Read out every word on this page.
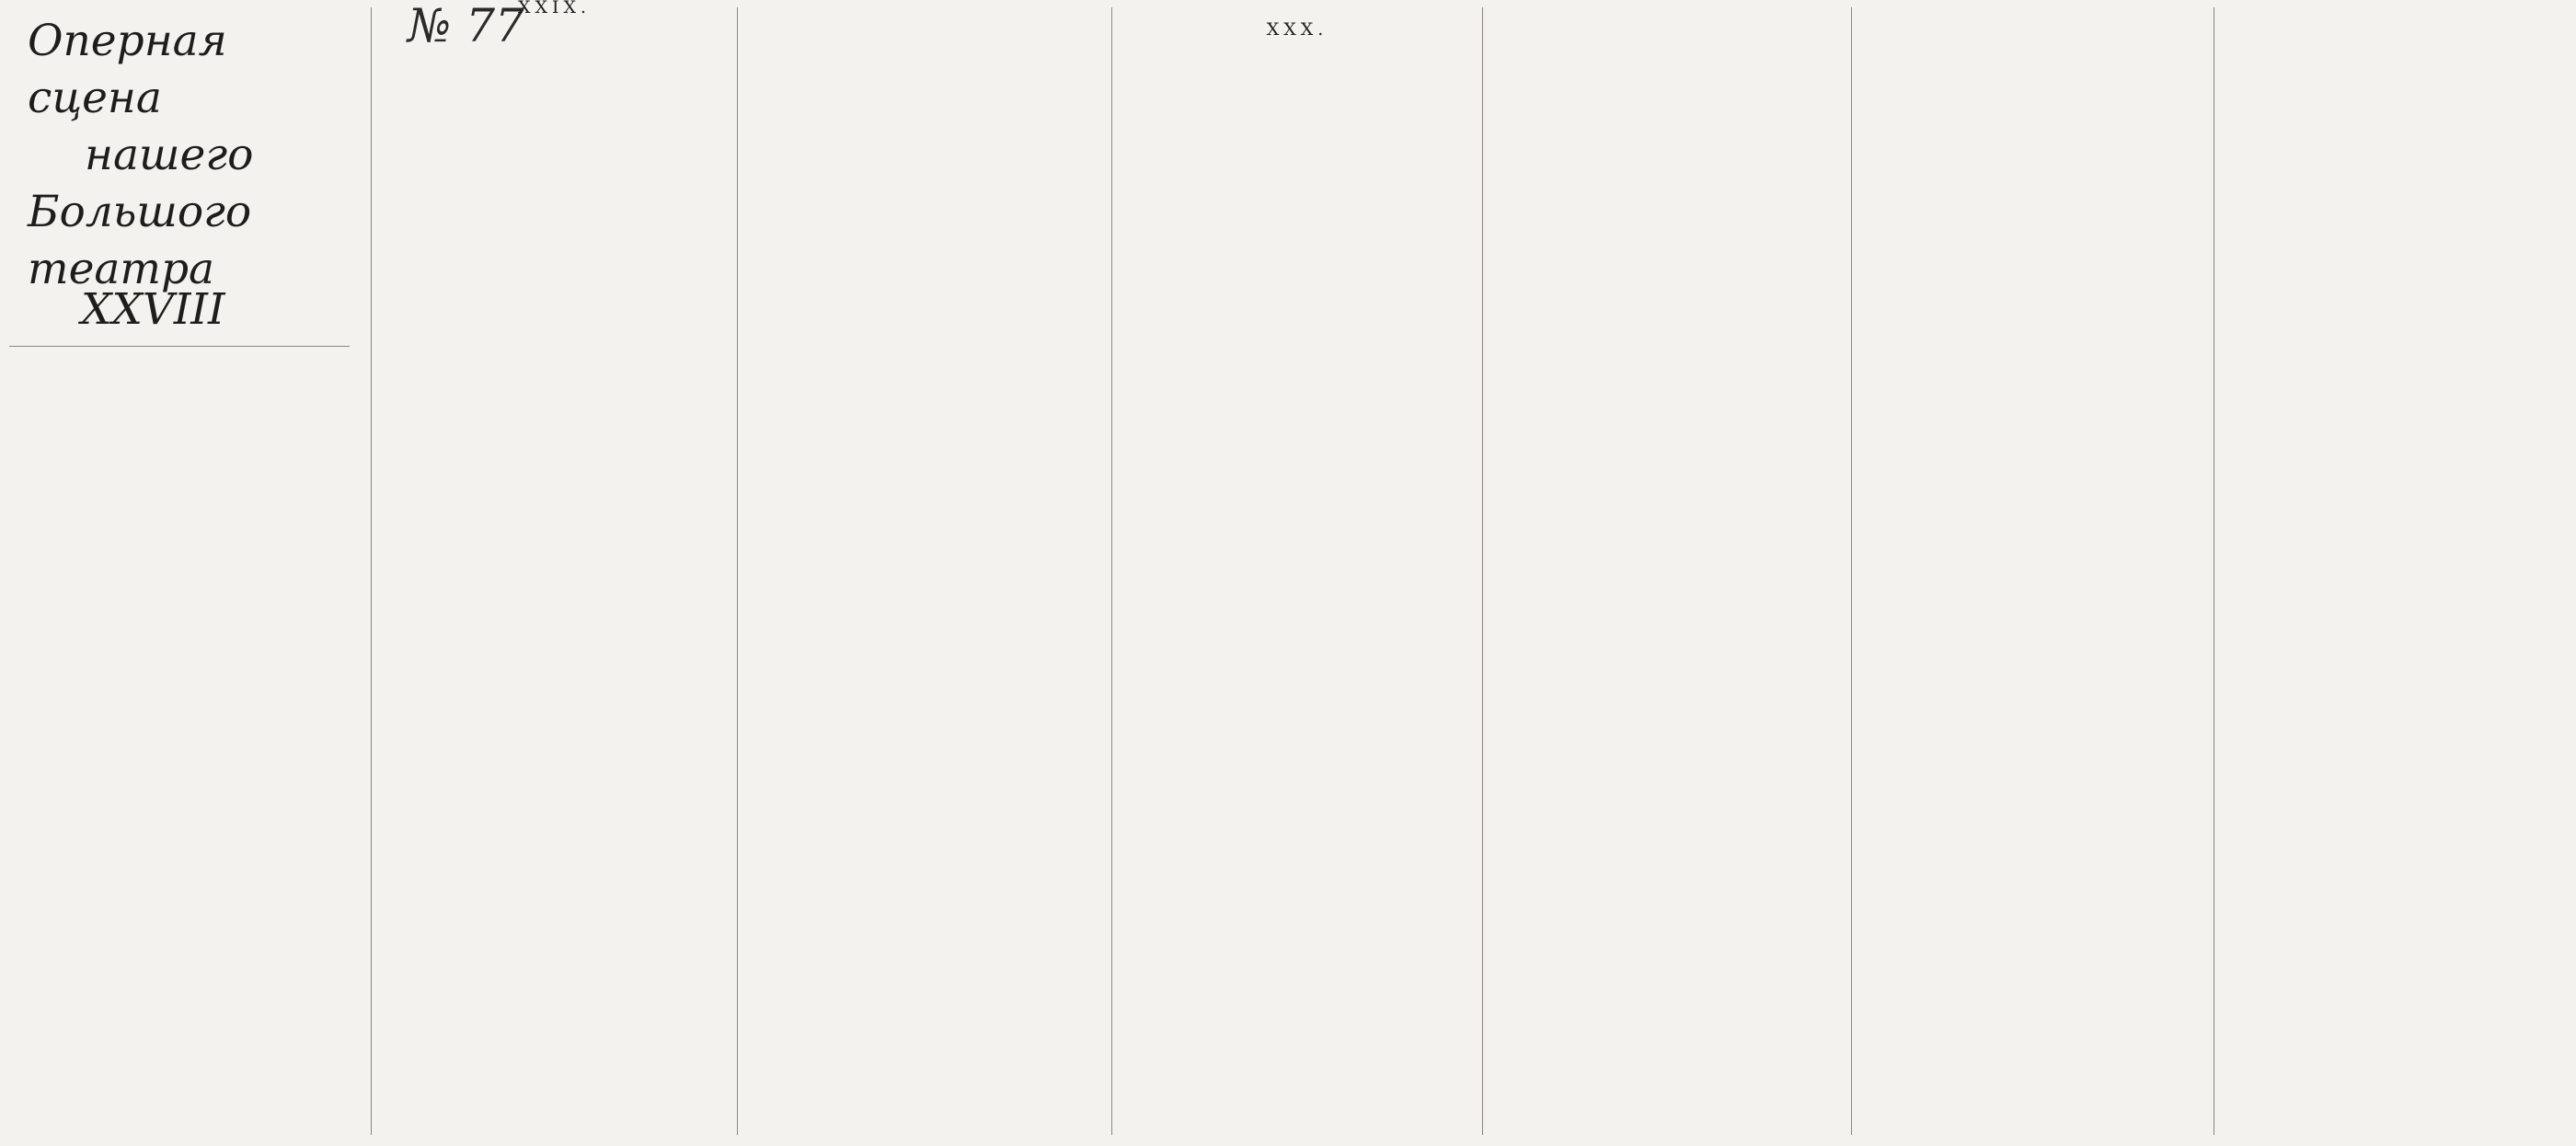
Оперная сцена
нашего
Большого театра
XXVIII
№ 77
XXIX.
XXX.
